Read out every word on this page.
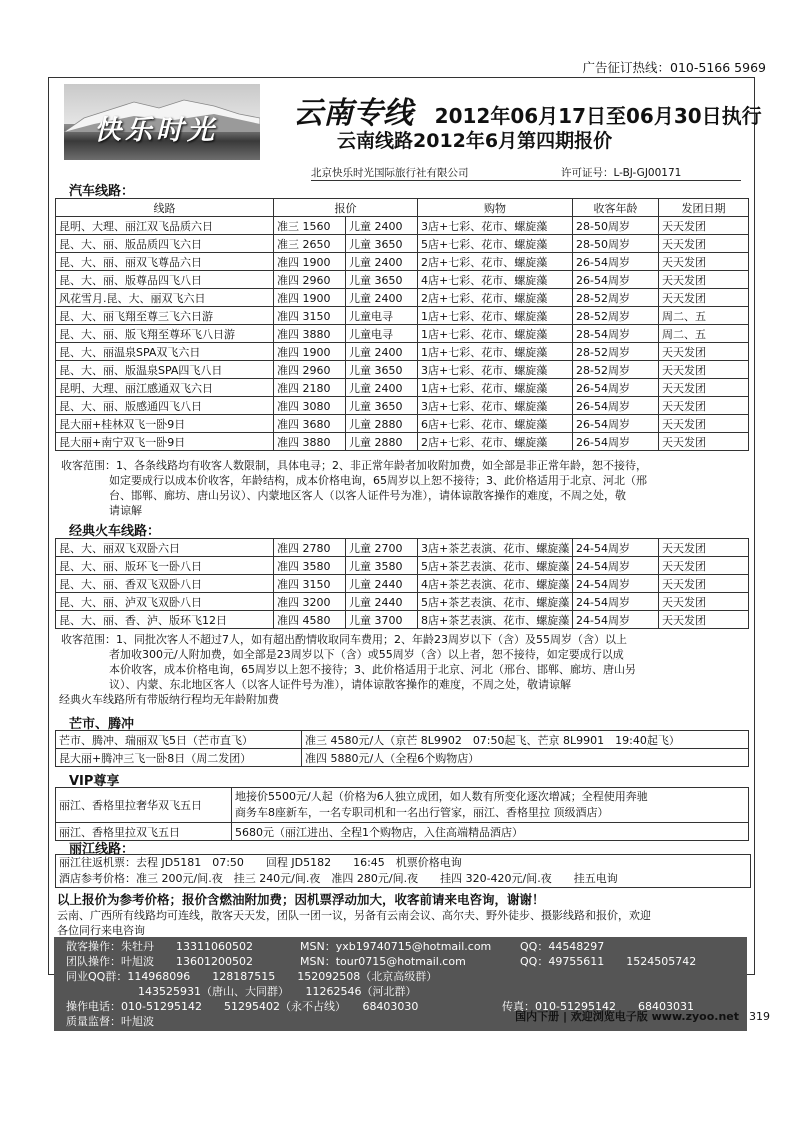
广告征订热线：010-5166 5969
快乐时光	云南专线 2012年06月17日至06月30日执行
云南线路2012年6月第四期报价
北京快乐时光国际旅行社有限公司	许可证号：L-BJ-GJ00171
汽车线路：
线路	报价		购物	收客年龄	发团日期
昆明、大理、丽江双飞品质六日	准三 1560	儿童 2400	3店+七彩、花市、螺旋藻	28-50周岁	天天发团
昆、大、丽、版品质四飞六日	准三 2650	儿童 3650	5店+七彩、花市、螺旋藻	28-50周岁	天天发团
昆、大、丽、丽双飞尊品六日	准四 1900	儿童 2400	2店+七彩、花市、螺旋藻	26-54周岁	天天发团
昆、大、丽、版尊品四飞八日	准四 2960	儿童 3650	4店+七彩、花市、螺旋藻	26-54周岁	天天发团
风花雪月.昆、大、丽双飞六日	准四 1900	儿童 2400	2店+七彩、花市、螺旋藻	28-52周岁	天天发团
昆、大、丽飞翔至尊三飞六日游	准四 3150	儿童电寻	1店+七彩、花市、螺旋藻	28-52周岁	周二、五
昆、大、丽、版飞翔至尊环飞八日游	准四 3880	儿童电寻	1店+七彩、花市、螺旋藻	28-54周岁	周二、五
昆、大、丽温泉SPA双飞六日	准四 1900	儿童 2400	1店+七彩、花市、螺旋藻	28-52周岁	天天发团
昆、大、丽、版温泉SPA四飞八日	准四 2960	儿童 3650	3店+七彩、花市、螺旋藻	28-52周岁	天天发团
昆明、大理、丽江感通双飞六日	准四 2180	儿童 2400	1店+七彩、花市、螺旋藻	26-54周岁	天天发团
昆、大、丽、版感通四飞八日	准四 3080	儿童 3650	3店+七彩、花市、螺旋藻	26-54周岁	天天发团
昆大丽+桂林双飞一卧9日	准四 3680	儿童 2880	6店+七彩、花市、螺旋藻	26-54周岁	天天发团
昆大丽+南宁双飞一卧9日	准四 3880	儿童 2880	2店+七彩、花市、螺旋藻	26-54周岁	天天发团
收客范围：1、各条线路均有收客人数限制，具体电寻；2、非正常年龄者加收附加费，如全部是非正常年龄，恕不接待，
如定要成行以成本价收客，年龄结构，成本价格电询，65周岁以上恕不接待；3、此价格适用于北京、河北（邢
台、邯郸、廊坊、唐山另议）、内蒙地区客人（以客人证件号为准），请体谅散客操作的难度，不周之处，敬
请谅解
经典火车线路：
昆、大、丽双飞双卧六日	准四 2780	儿童 2700	3店+茶艺表演、花市、螺旋藻	24-54周岁	天天发团
昆、大、丽、版环飞一卧八日	准四 3580	儿童 3580	5店+茶艺表演、花市、螺旋藻	24-54周岁	天天发团
昆、大、丽、香双飞双卧八日	准四 3150	儿童 2440	4店+茶艺表演、花市、螺旋藻	24-54周岁	天天发团
昆、大、丽、泸双飞双卧八日	准四 3200	儿童 2440	5店+茶艺表演、花市、螺旋藻	24-54周岁	天天发团
昆、大、丽、香、泸、版环飞12日	准四 4580	儿童 3700	8店+茶艺表演、花市、螺旋藻	24-54周岁	天天发团
收客范围：1、同批次客人不超过7人，如有超出酌情收取同车费用；2、年龄23周岁以下（含）及55周岁（含）以上
者加收300元/人附加费，如全部是23周岁以下（含）或55周岁（含）以上者，恕不接待，如定要成行以成
本价收客，成本价格电询，65周岁以上恕不接待；3、此价格适用于北京、河北（邢台、邯郸、廊坊、唐山另
议）、内蒙、东北地区客人（以客人证件号为准），请体谅散客操作的难度，不周之处，敬请谅解
经典火车线路所有带版纳行程均无年龄附加费
芒市、腾冲
芒市、腾冲、瑞丽双飞5日（芒市直飞）	准三 4580元/人（京芒 8L9902　07:50起飞、芒京 8L9901　19:40起飞）
昆大丽+腾冲三飞一卧8日（周二发团）	准四 5880元/人（全程6个购物店）
VIP尊享
丽江、香格里拉奢华双飞五日	地接价5500元/人起（价格为6人独立成团，如人数有所变化逐次增减；全程使用奔驰
商务车8座新车，一名专职司机和一名出行管家，丽江、香格里拉 顶级酒店）

丽江、香格里拉双飞五日	5680元（丽江进出、全程1个购物店，入住高端精品酒店）
丽江线路：
丽江往返机票：去程 JD5181　07:50　　回程 JD5182　　16:45　机票价格电询
酒店参考价格：准三 200元/间.夜　挂三 240元/间.夜　准四 280元/间.夜　　挂四 320-420元/间.夜　　挂五电询
以上报价为参考价格；报价含燃油附加费；因机票浮动加大，收客前请来电咨询，谢谢！
云南、广西所有线路均可连线，散客天天发，团队一团一议，另备有云南会议、高尔夫、野外徒步、摄影线路和报价，欢迎
各位同行来电咨询
散客操作：朱牡丹　　13311060502	MSN：yxb19740715@hotmail.com	QQ：44548297
团队操作：叶旭波　　13601200502	MSN：tour0715@hotmail.com	QQ：49755611　　1524505742
同业QQ群：114968096　　128187515　　152092508（北京高级群）
143525931（唐山、大同群）　　11262546（河北群）
操作电话：010-51295142　　51295402（永不占线）　　68403030	传真：010-51295142　　68403031
质量监督：叶旭波	国内下册 | 欢迎浏览电子版 www.zyoo.net 319
